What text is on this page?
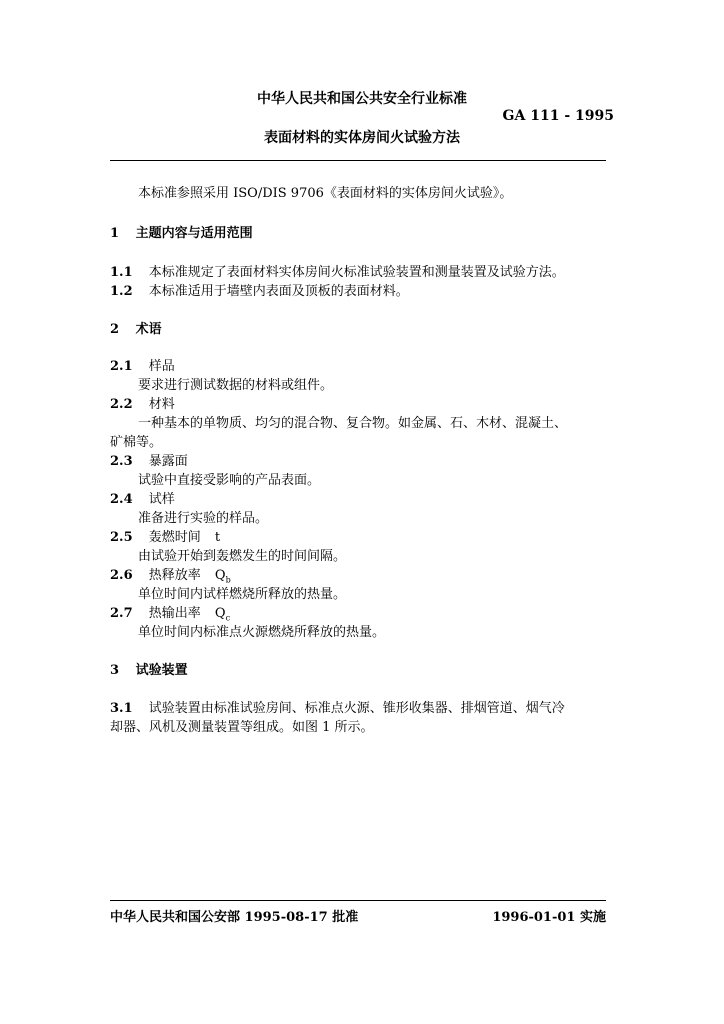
中华人民共和国公共安全行业标准
GA 111 - 1995
表面材料的实体房间火试验方法
本标准参照采用 ISO/DIS 9706《表面材料的实体房间火试验》。
1 主题内容与适用范围
1.1 本标准规定了表面材料实体房间火标准试验装置和测量装置及试验方法。
1.2 本标准适用于墙壁内表面及顶板的表面材料。
2 术语
2.1 样品
要求进行测试数据的材料或组件。
2.2 材料
一种基本的单物质、均匀的混合物、复合物。如金属、石、木材、混凝土、
矿棉等。
2.3 暴露面
试验中直接受影响的产品表面。
2.4 试样
准备进行实验的样品。
2.5 轰燃时间 t
由试验开始到轰燃发生的时间间隔。
2.6 热释放率 $Q_b$
单位时间内试样燃烧所释放的热量。
2.7 热输出率 $Q_c$
单位时间内标准点火源燃烧所释放的热量。
3 试验装置
3.1 试验装置由标准试验房间、标准点火源、锥形收集器、排烟管道、烟气冷
却器、风机及测量装置等组成。如图 1 所示。
中华人民共和国公安部 1995-08-17 批准	1996-01-01 实施
